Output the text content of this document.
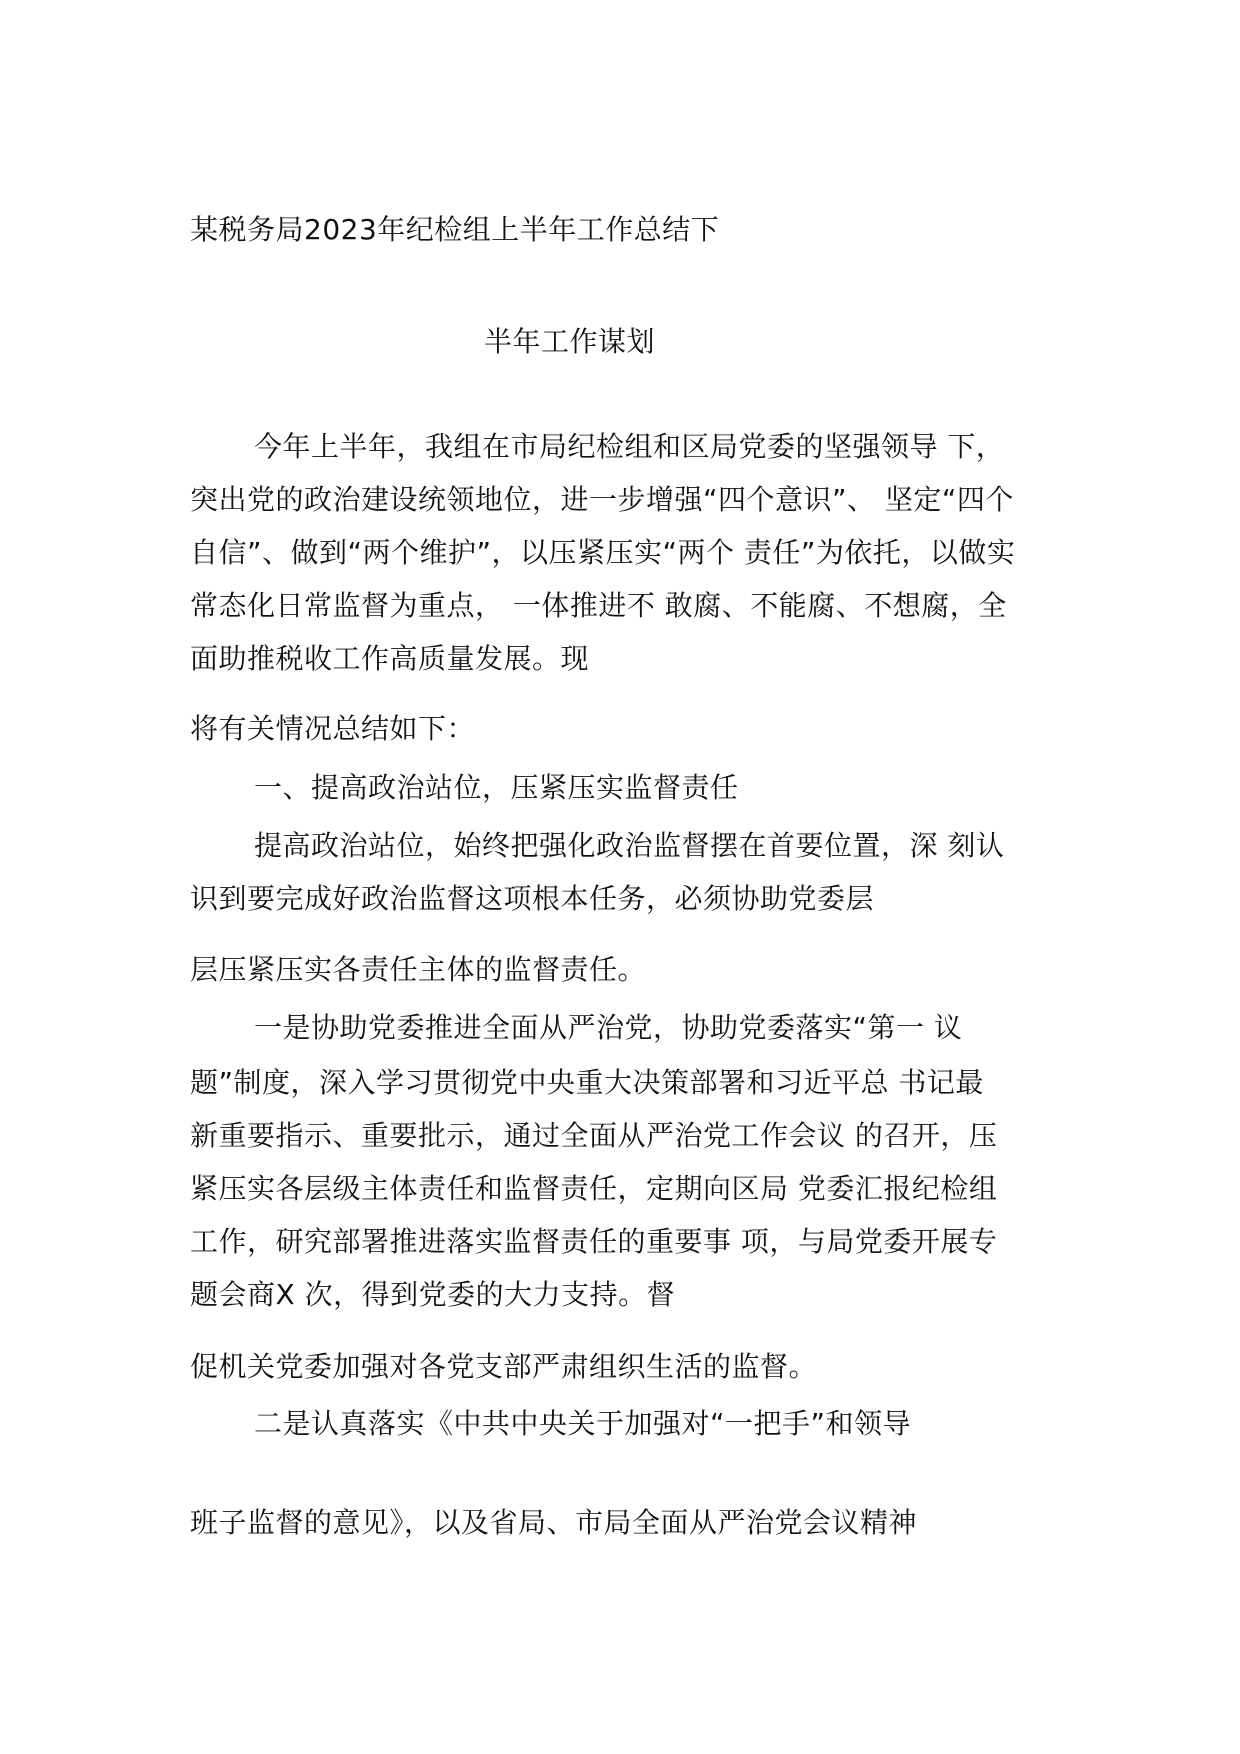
某税务局2023年纪检组上半年工作总结下

半年工作谋划

今年上半年，我组在市局纪检组和区局党委的坚强领导 下，

突出党的政治建设统领地位，进一步增强“四个意识”、 坚定“四个

自信”、做到“两个维护”，以压紧压实“两个 责任”为依托，以做实

常态化日常监督为重点， 一体推进不 敢腐、不能腐、不想腐，全

面助推税收工作高质量发展。现

将有关情况总结如下：

一、提高政治站位，压紧压实监督责任

提高政治站位，始终把强化政治监督摆在首要位置，深 刻认

识到要完成好政治监督这项根本任务，必须协助党委层

层压紧压实各责任主体的监督责任。

一是协助党委推进全面从严治党，协助党委落实“第一 议

题”制度，深入学习贯彻党中央重大决策部署和习近平总 书记最

新重要指示、重要批示，通过全面从严治党工作会议 的召开，压

紧压实各层级主体责任和监督责任，定期向区局 党委汇报纪检组

工作，研究部署推进落实监督责任的重要事 项，与局党委开展专

题会商X 次，得到党委的大力支持。督

促机关党委加强对各党支部严肃组织生活的监督。

二是认真落实《中共中央关于加强对“一把手”和领导

班子监督的意见》，以及省局、市局全面从严治党会议精神
